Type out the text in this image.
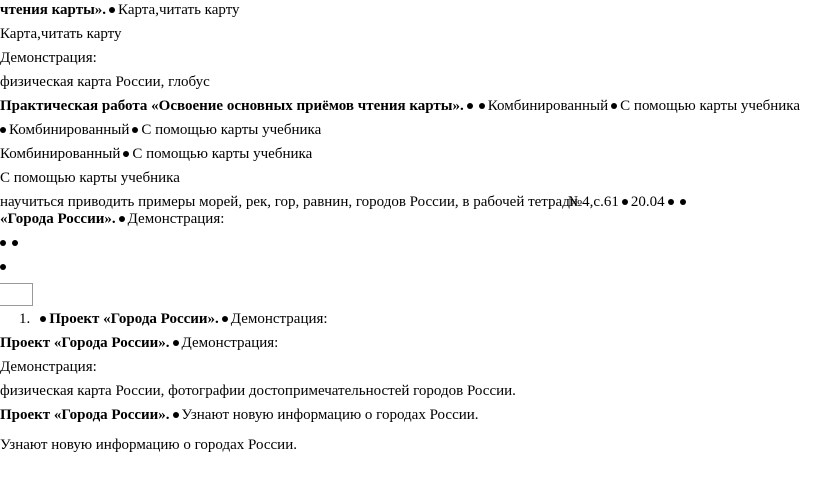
чтения карты». Карта,читать карту
Карта,читать карту
Демонстрация:
физическая карта России, глобус
Практическая работа «Освоение основных приёмов чтения карты». Комбинированный С помощью карты учебника
Комбинированный С помощью карты учебника
Комбинированный С помощью карты учебника
С помощью карты учебника
научиться приводить примеры морей, рек, гор, равнин, городов России, в рабочей тетради№4,с.61 20.04
«Города России». Демонстрация:
1. Проект «Города России». Демонстрация:
Проект «Города России». Демонстрация:
Демонстрация:
физическая карта России, фотографии достопримечательностей городов России.
Проект «Города России». Узнают новую информацию о городах России.
Узнают новую информацию о городах России.
